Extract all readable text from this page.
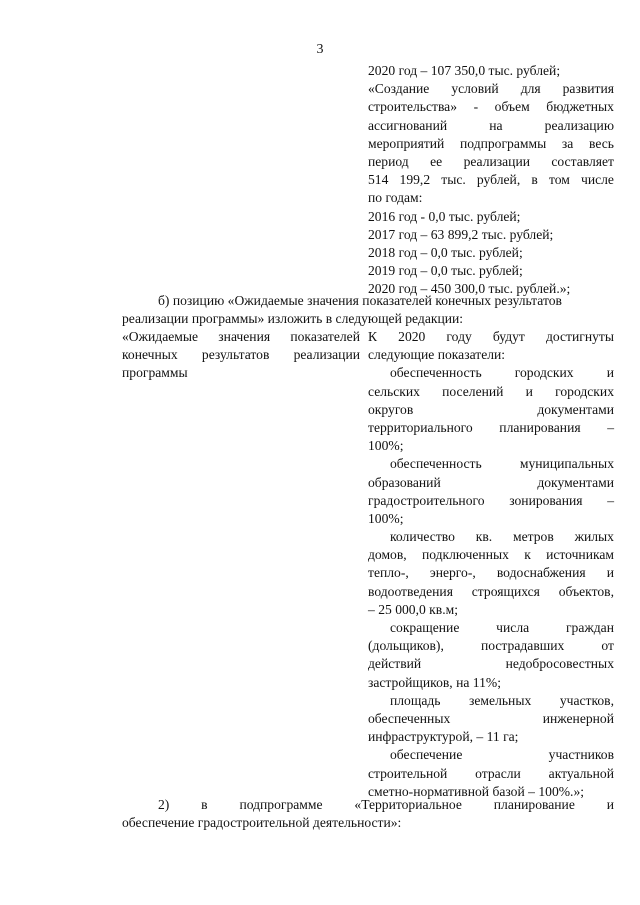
3
2020 год – 107 350,0 тыс. рублей;
«Создание условий для развития
строительства» - объем бюджетных
ассигнований	на	реализацию
мероприятий подпрограммы за весь
период ее реализации составляет
514 199,2 тыс. рублей, в том числе
по годам:
2016 год - 0,0 тыс. рублей;
2017 год – 63 899,2 тыс. рублей;
2018 год – 0,0 тыс. рублей;
2019 год – 0,0 тыс. рублей;
2020 год – 450 300,0 тыс. рублей.»;
б) позицию «Ожидаемые значения показателей конечных результатов
реализации программы» изложить в следующей редакции:
«Ожидаемые значения показателей
конечных результатов реализации
программы
К 2020 году будут достигнуты
следующие показатели:
обеспеченность городских и
сельских поселений и городских
округов	документами
территориального планирования –
100%;
обеспеченность	муниципальных
образований	документами
градостроительного зонирования –
100%;
количество кв. метров жилых
домов, подключенных к источникам
тепло-, энерго-, водоснабжения и
водоотведения строящихся объектов,
– 25 000,0 кв.м;
сокращение	числа	граждан
(дольщиков),	пострадавших	от
действий	недобросовестных
застройщиков, на 11%;
площадь земельных участков,
обеспеченных	инженерной
инфраструктурой, – 11 га;
обеспечение	участников
строительной отрасли актуальной
сметно-нормативной базой – 100%.»;
2) в подпрограмме «Территориальное планирование и
обеспечение градостроительной деятельности»:
